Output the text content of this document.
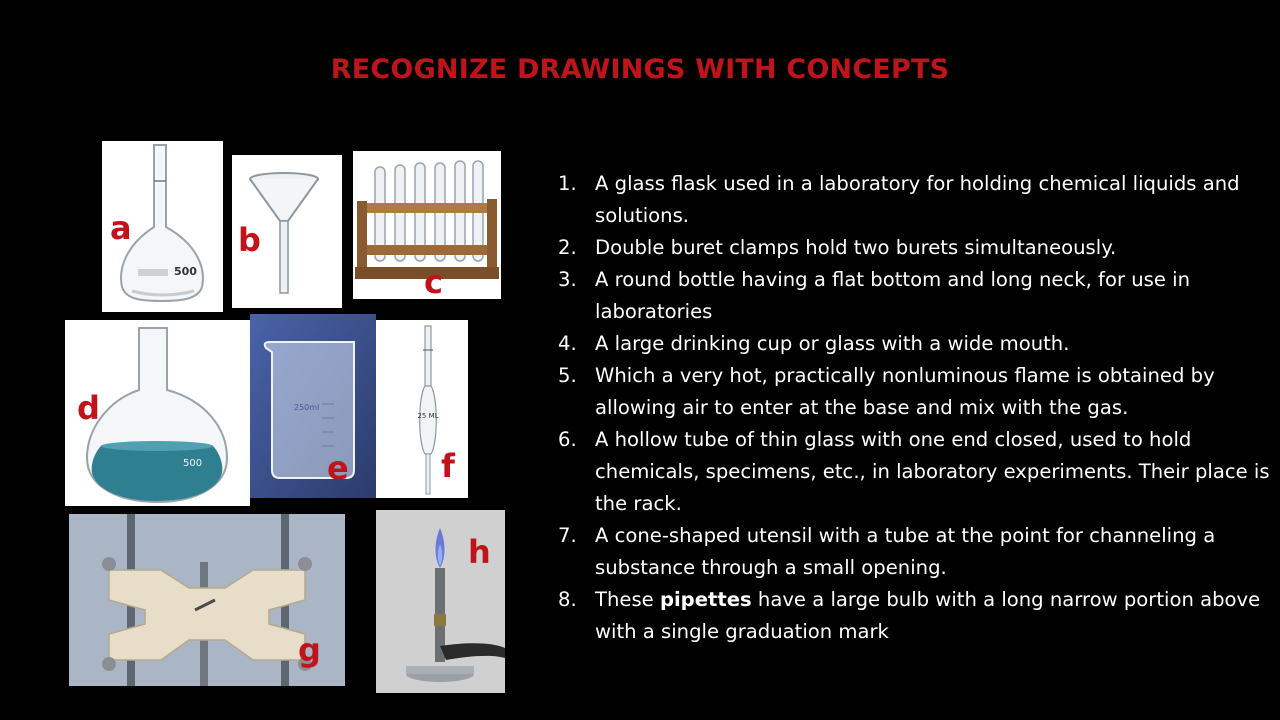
RECOGNIZE DRAWINGS WITH CONCEPTS
500
a	b
c
500
d	250ml
e
25 ML
f
g
h
1. A glass flask used in a laboratory for holding chemical liquids and solutions.
2. Double buret clamps hold two burets simultaneously.
3. A round bottle having a flat bottom and long neck, for use in laboratories
4. A large drinking cup or glass with a wide mouth.
5. Which a very hot, practically nonluminous flame is obtained by allowing air to enter at the base and mix with the gas.
6. A hollow tube of thin glass with one end closed, used to hold chemicals, specimens, etc., in laboratory experiments. Their place is the rack.
7. A cone-shaped utensil with a tube at the point for channeling a substance through a small opening.
8. These pipettes have a large bulb with a long narrow portion above with a single graduation mark
